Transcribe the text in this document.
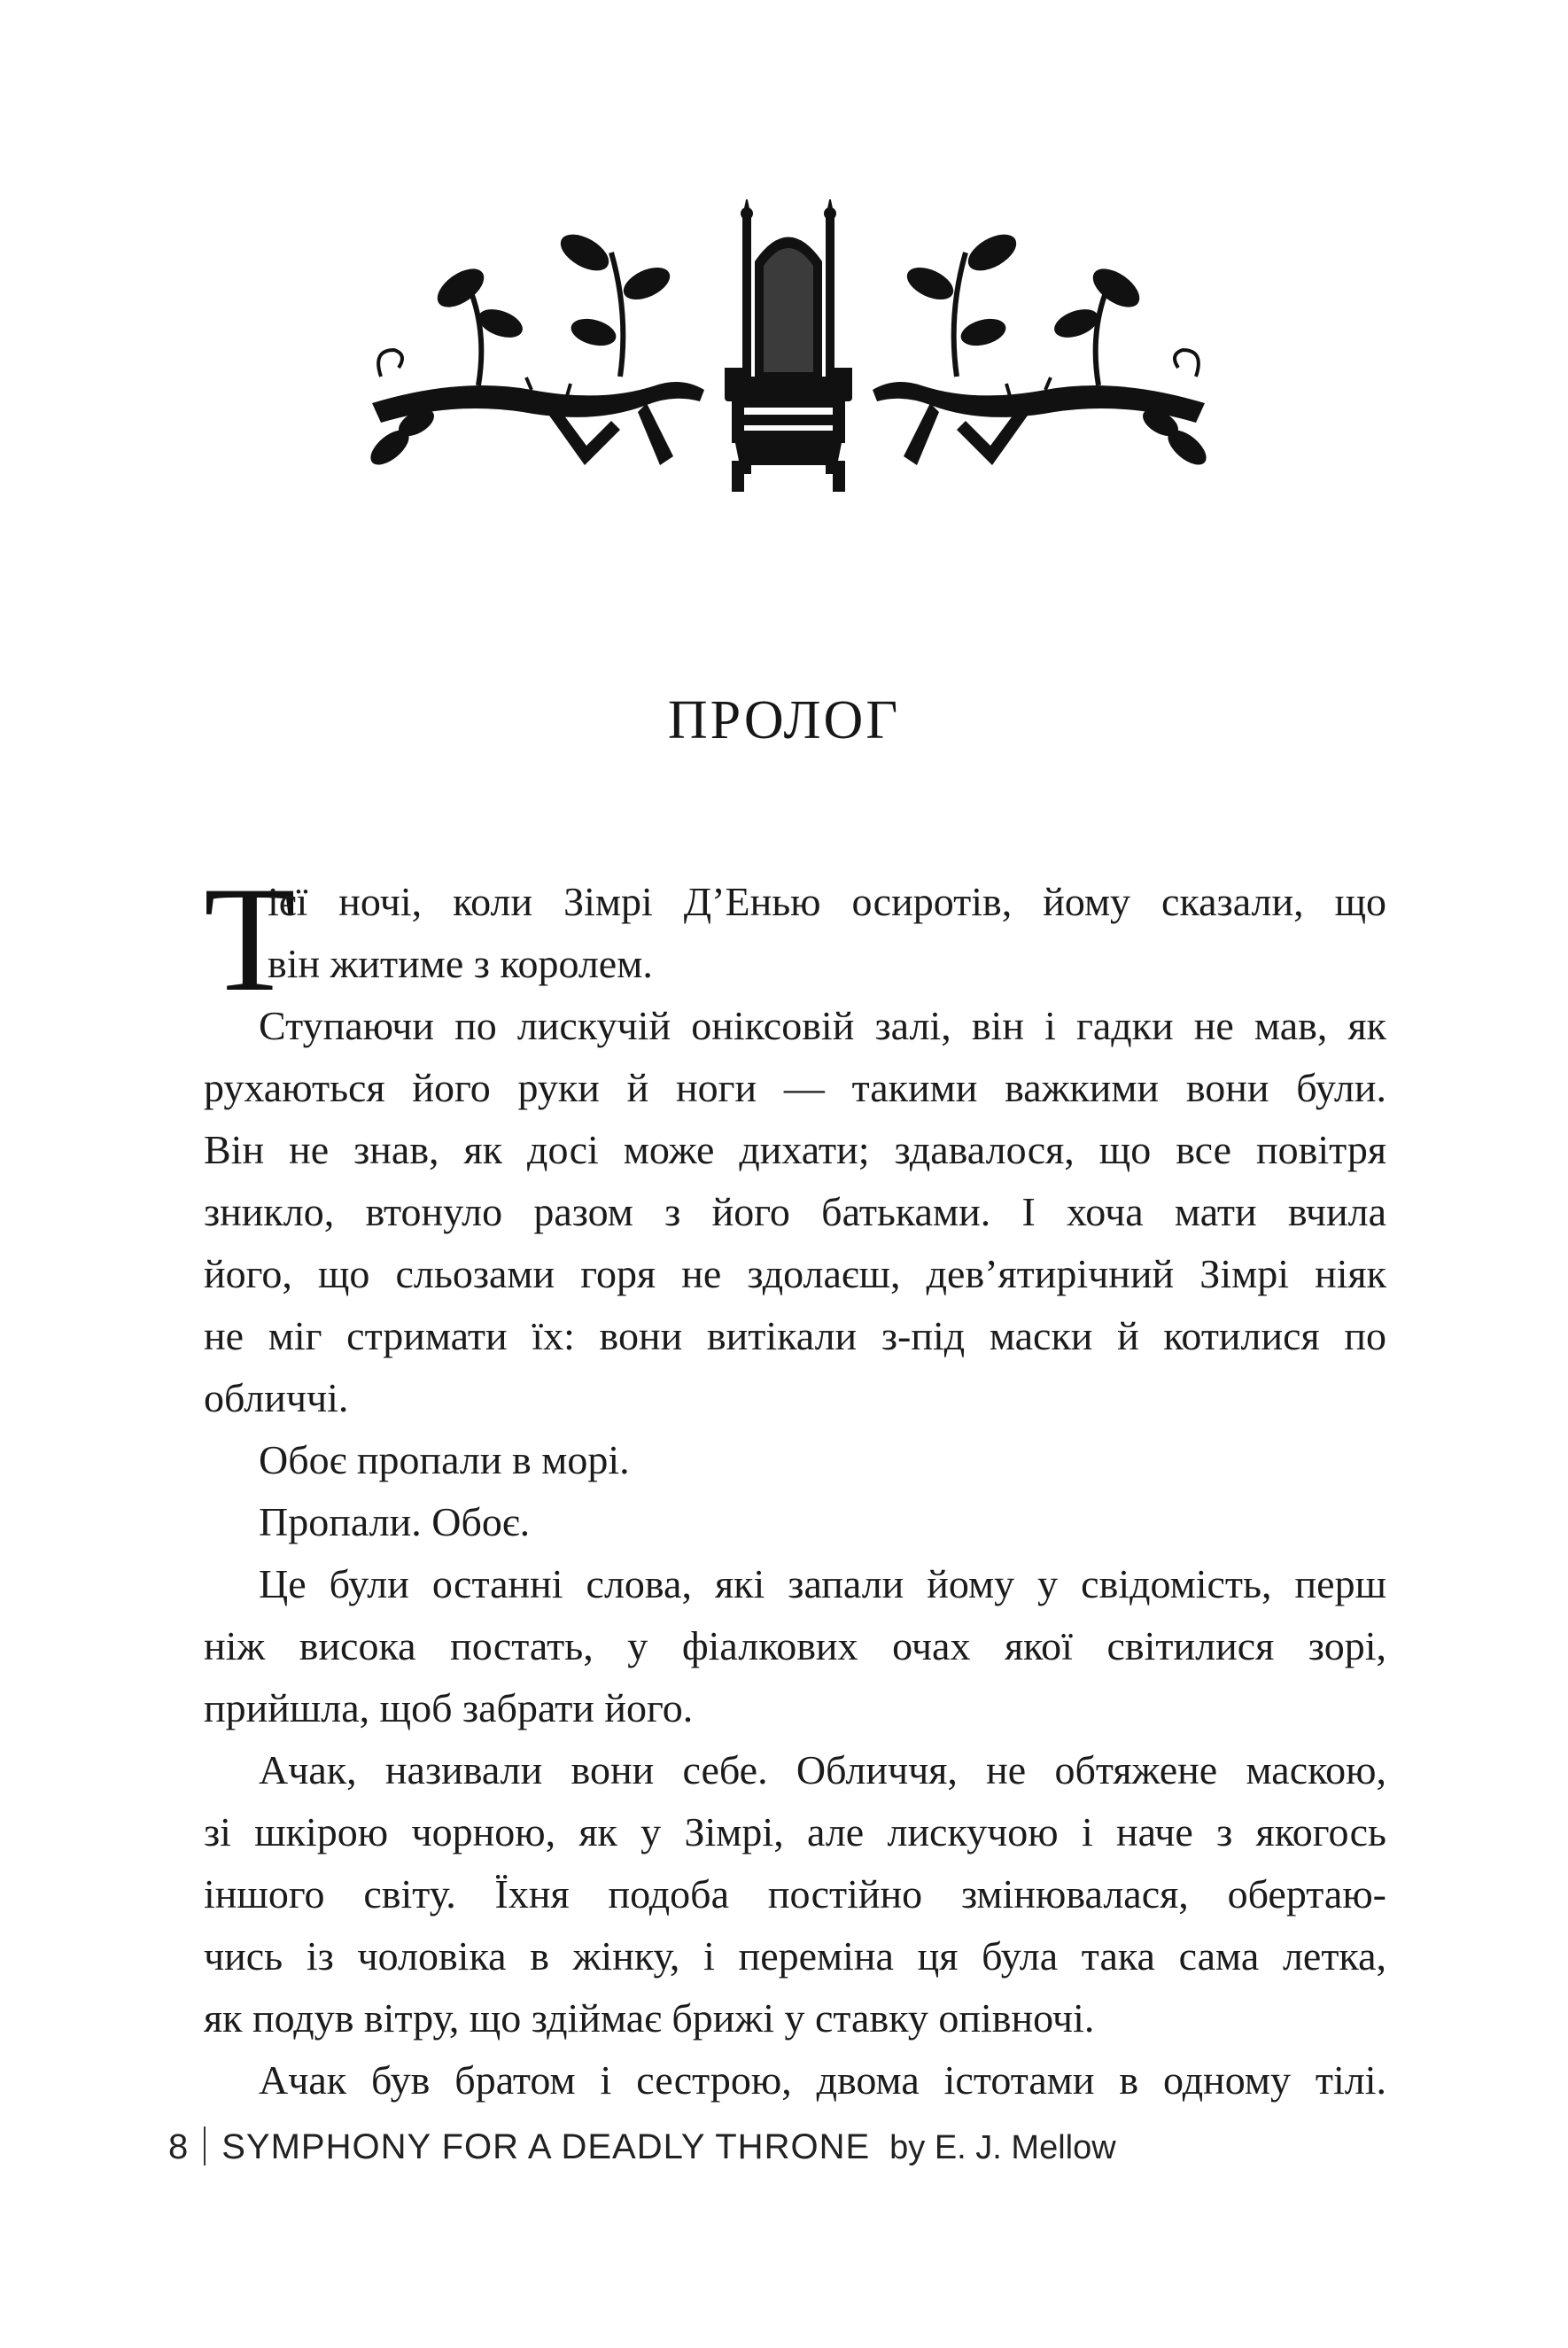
ПРОЛОГ
Т
ієї ночі, коли Зімрі Д’Енью осиротів, йому сказали, що
він житиме з королем.
Ступаючи по лискучій оніксовій залі, він і гадки не мав, як
рухаються його руки й ноги — такими важкими вони були.
Він не знав, як досі може дихати; здавалося, що все повітря
зникло, втонуло разом з його батьками. І хоча мати вчила
його, що сльозами горя не здолаєш, дев’ятирічний Зімрі ніяк
не міг стримати їх: вони витікали з-під маски й котилися по
обличчі.
Обоє пропали в морі.
Пропали. Обоє.
Це були останні слова, які запали йому у свідомість, перш
ніж висока постать, у фіалкових очах якої світилися зорі,
прийшла, щоб забрати його.
Ачак, називали вони себе. Обличчя, не обтяжене маскою,
зі шкірою чорною, як у Зімрі, але лискучою і наче з якогось
іншого світу. Їхня подоба постійно змінювалася, обертаю-
чись із чоловіка в жінку, і переміна ця була така сама летка,
як подув вітру, що здіймає брижі у ставку опівночі.
Ачак був братом і сестрою, двома істотами в одному тілі.
8 SYMPHONY FOR A DEADLY THRONE by E. J. Mellow
